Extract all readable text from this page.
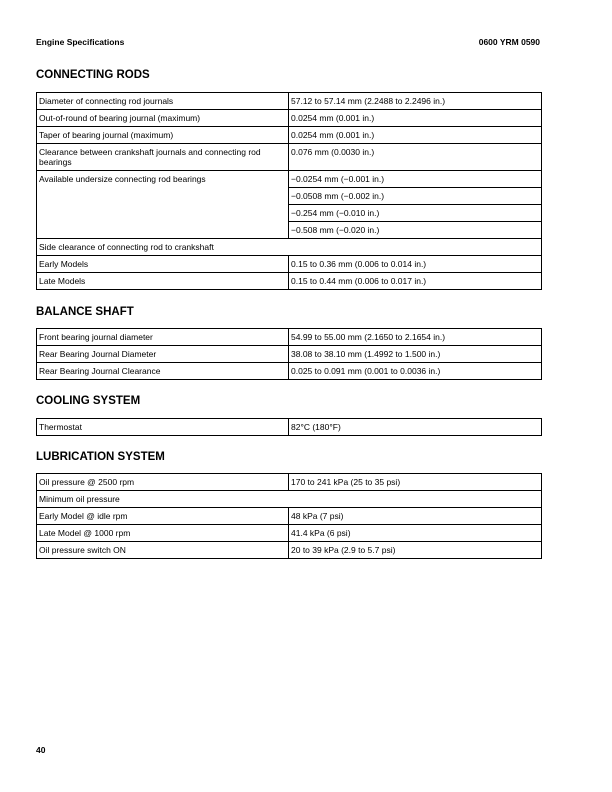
Engine Specifications	0600 YRM 0590
CONNECTING RODS
Diameter of connecting rod journals	57.12 to 57.14 mm (2.2488 to 2.2496 in.)
Out-of-round of bearing journal (maximum)	0.0254 mm (0.001 in.)
Taper of bearing journal (maximum)	0.0254 mm (0.001 in.)
Clearance between crankshaft journals and connecting rod bearings	0.076 mm (0.0030 in.)
Available undersize connecting rod bearings	−0.0254 mm (−0.001 in.)
	−0.0508 mm (−0.002 in.)
	−0.254 mm (−0.010 in.)
	−0.508 mm (−0.020 in.)
Side clearance of connecting rod to crankshaft	
Early Models	0.15 to 0.36 mm (0.006 to 0.014 in.)
Late Models	0.15 to 0.44 mm (0.006 to 0.017 in.)
BALANCE SHAFT
Front bearing journal diameter	54.99 to 55.00 mm (2.1650 to 2.1654 in.)
Rear Bearing Journal Diameter	38.08 to 38.10 mm (1.4992 to 1.500 in.)
Rear Bearing Journal Clearance	0.025 to 0.091 mm (0.001 to 0.0036 in.)
COOLING SYSTEM
Thermostat	82°C (180°F)
LUBRICATION SYSTEM
Oil pressure @ 2500 rpm	170 to 241 kPa (25 to 35 psi)
Minimum oil pressure	
Early Model @ idle rpm	48 kPa (7 psi)
Late Model @ 1000 rpm	41.4 kPa (6 psi)
Oil pressure switch ON	20 to 39 kPa (2.9 to 5.7 psi)
40
